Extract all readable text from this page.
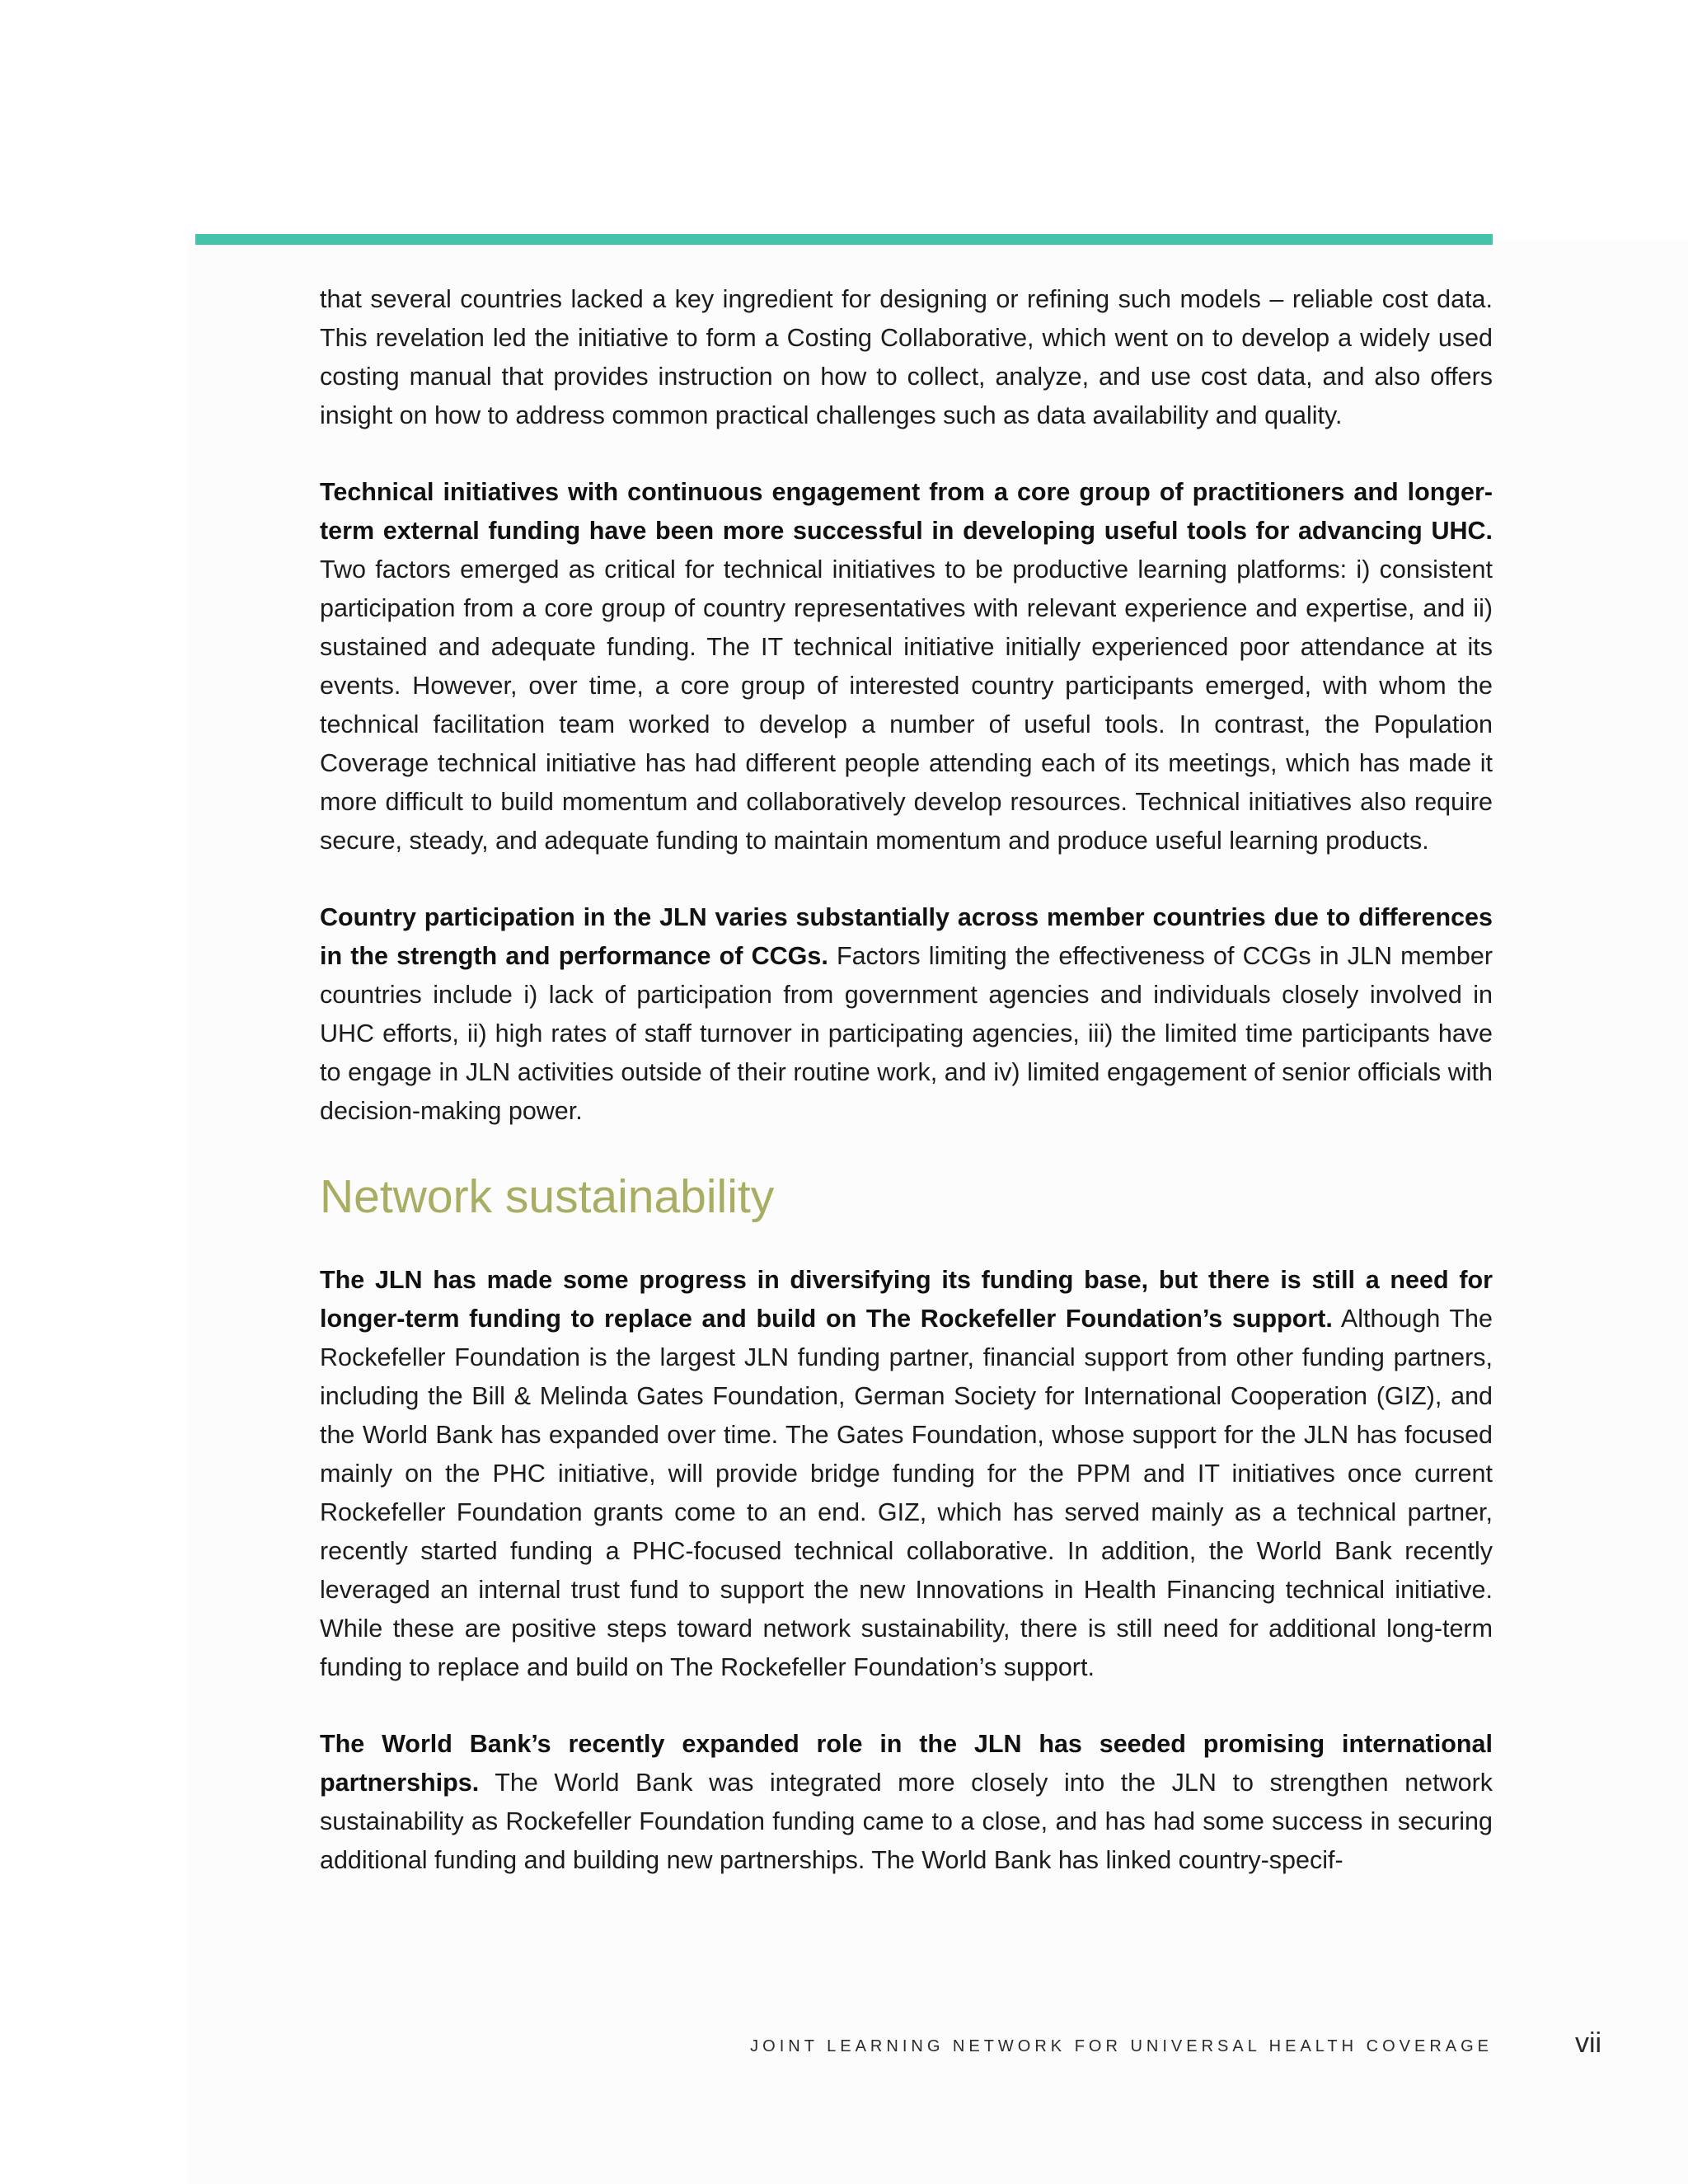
that several countries lacked a key ingredient for designing or refining such models – reliable cost data. This revelation led the initiative to form a Costing Collaborative, which went on to develop a widely used costing manual that provides instruction on how to collect, analyze, and use cost data, and also offers insight on how to address common practical challenges such as data availability and quality.

Technical initiatives with continuous engagement from a core group of practitioners and longer-term external funding have been more successful in developing useful tools for advancing UHC. Two factors emerged as critical for technical initiatives to be productive learning platforms: i) consistent participation from a core group of country representatives with relevant experience and expertise, and ii) sustained and adequate funding. The IT technical initiative initially experienced poor attendance at its events. However, over time, a core group of interested country participants emerged, with whom the technical facilitation team worked to develop a number of useful tools. In contrast, the Population Coverage technical initiative has had different people attending each of its meetings, which has made it more difficult to build momentum and collaboratively develop resources. Technical initiatives also require secure, steady, and adequate funding to maintain momentum and produce useful learning products.

Country participation in the JLN varies substantially across member countries due to differences in the strength and performance of CCGs. Factors limiting the effectiveness of CCGs in JLN member countries include i) lack of participation from government agencies and individuals closely involved in UHC efforts, ii) high rates of staff turnover in participating agencies, iii) the limited time participants have to engage in JLN activities outside of their routine work, and iv) limited engagement of senior officials with decision-making power.

Network sustainability

The JLN has made some progress in diversifying its funding base, but there is still a need for longer-term funding to replace and build on The Rockefeller Foundation’s support. Although The Rockefeller Foundation is the largest JLN funding partner, financial support from other funding partners, including the Bill & Melinda Gates Foundation, German Society for International Cooperation (GIZ), and the World Bank has expanded over time. The Gates Foundation, whose support for the JLN has focused mainly on the PHC initiative, will provide bridge funding for the PPM and IT initiatives once current Rockefeller Foundation grants come to an end. GIZ, which has served mainly as a technical partner, recently started funding a PHC-focused technical collaborative. In addition, the World Bank recently leveraged an internal trust fund to support the new Innovations in Health Financing technical initiative. While these are positive steps toward network sustainability, there is still need for additional long-term funding to replace and build on The Rockefeller Foundation’s support.

The World Bank’s recently expanded role in the JLN has seeded promising international partnerships. The World Bank was integrated more closely into the JLN to strengthen network sustainability as Rockefeller Foundation funding came to a close, and has had some success in securing additional funding and building new partnerships. The World Bank has linked country-specif-

JOINT LEARNING NETWORK FOR UNIVERSAL HEALTH COVERAGE	vii
